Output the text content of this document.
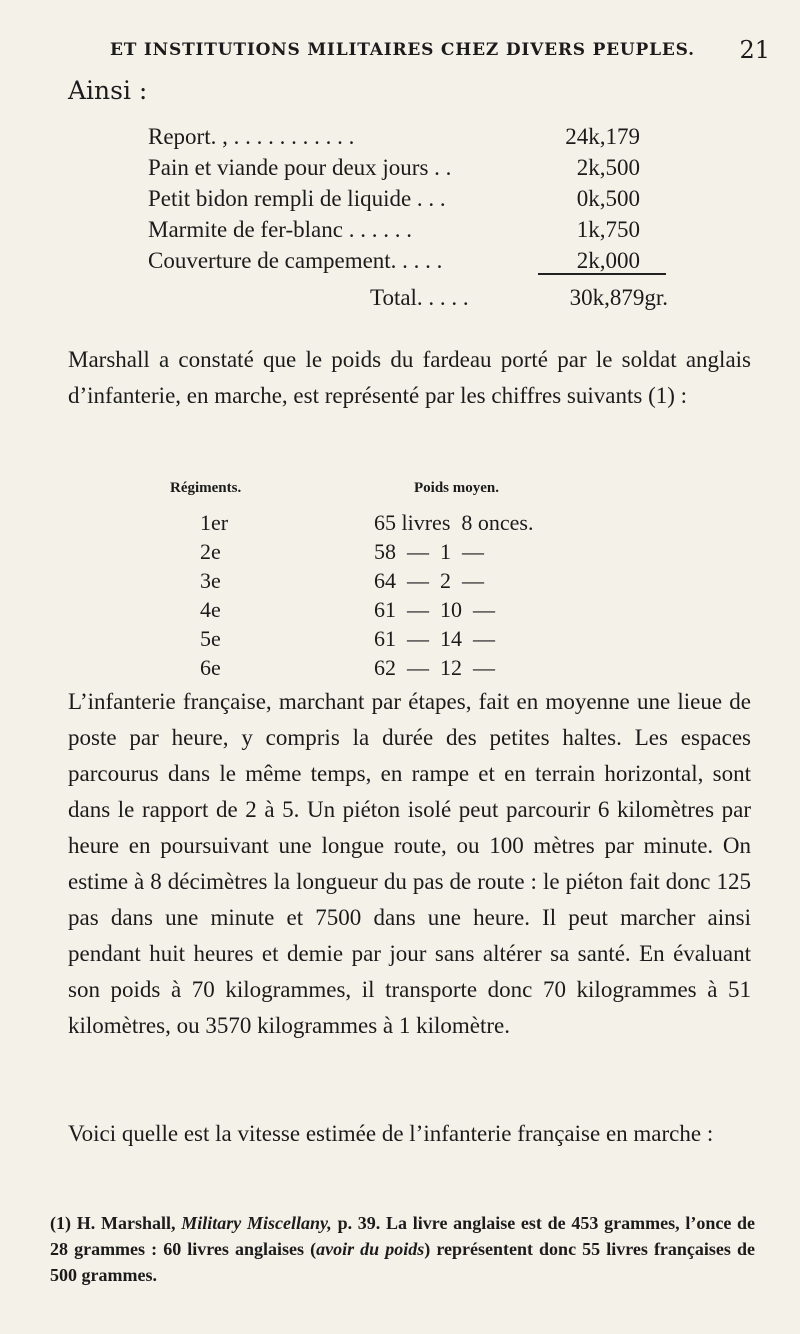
ET INSTITUTIONS MILITAIRES CHEZ DIVERS PEUPLES. 21
Ainsi :
Report. , . . . . . . . . . . .	24k,179
Pain et viande pour deux jours . .	2k,500
Petit bidon rempli de liquide . . .	0k,500
Marmite de fer-blanc . . . . . .	1k,750
Couverture de campement. . . . .	2k,000
Total. . . . .	30k,879gr.
Marshall a constaté que le poids du fardeau porté par le soldat anglais d’infanterie, en marche, est représenté par les chiffres suivants (1) :
Régiments.	Poids moyen.
1er	65 livres  8 onces.
2e	58  —  1  —
3e	64  —  2  —
4e	61  —  10  —
5e	61  —  14  —
6e	62  —  12  —
L’infanterie française, marchant par étapes, fait en moyenne une lieue de poste par heure, y compris la durée des petites haltes. Les espaces parcourus dans le même temps, en rampe et en terrain horizontal, sont dans le rapport de 2 à 5. Un piéton isolé peut parcourir 6 kilomètres par heure en poursuivant une longue route, ou 100 mètres par minute. On estime à 8 décimètres la longueur du pas de route : le piéton fait donc 125 pas dans une minute et 7500 dans une heure. Il peut marcher ainsi pendant huit heures et demie par jour sans altérer sa santé. En évaluant son poids à 70 kilogrammes, il transporte donc 70 kilogrammes à 51 kilomètres, ou 3570 kilogrammes à 1 kilomètre.
Voici quelle est la vitesse estimée de l’infanterie française en marche :

(1) H. Marshall, Military Miscellany, p. 39. La livre anglaise est de 453 grammes, l’once de 28 grammes : 60 livres anglaises (avoir du poids) représentent donc 55 livres françaises de 500 grammes.
